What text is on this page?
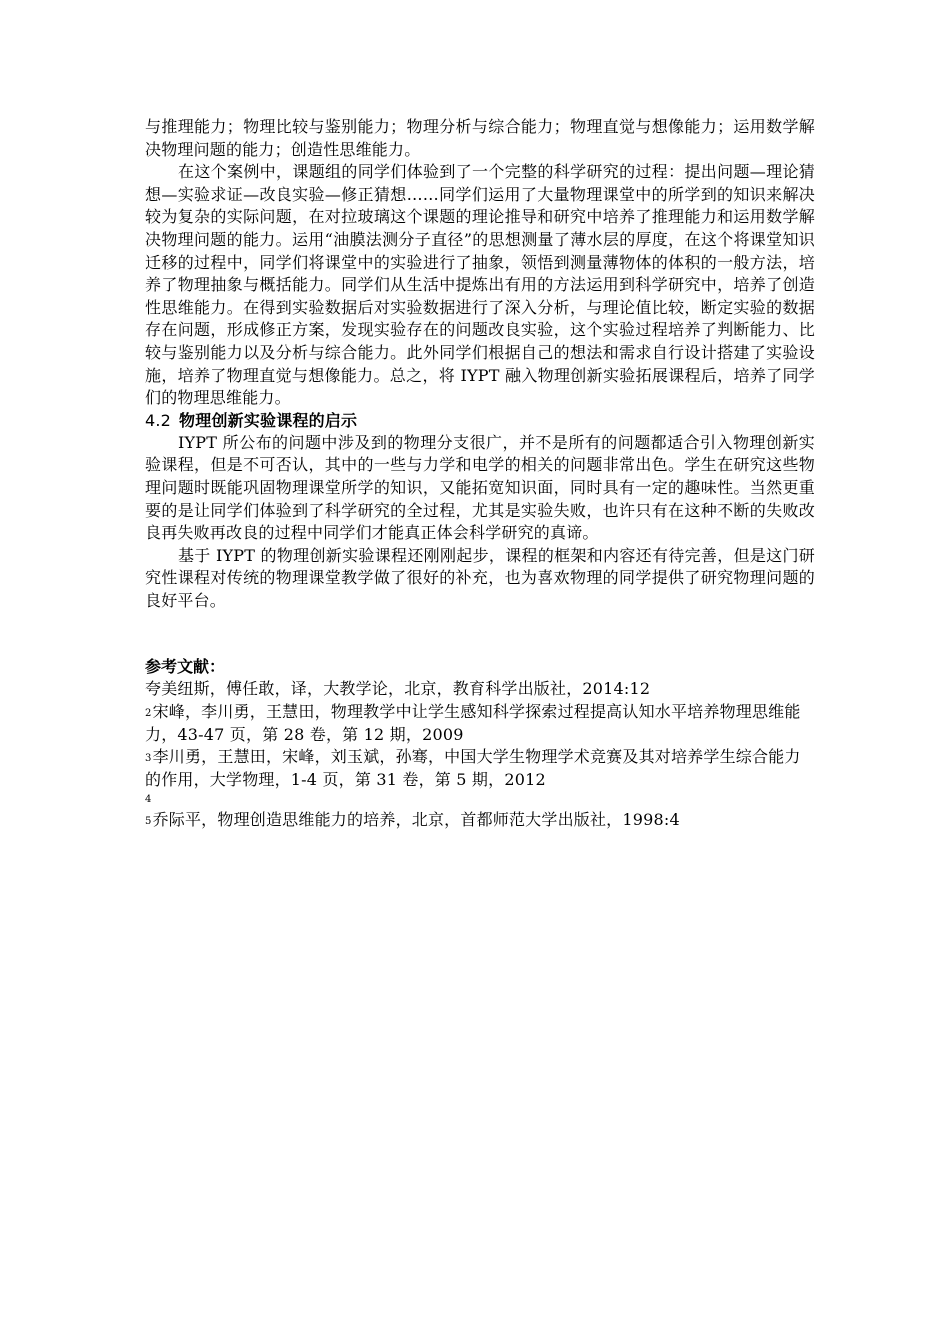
与推理能力；物理比较与鉴别能力；物理分析与综合能力；物理直觉与想像能力；运用数学解决物理问题的能力；创造性思维能力。

在这个案例中，课题组的同学们体验到了一个完整的科学研究的过程：提出问题—理论猜想—实验求证—改良实验—修正猜想……同学们运用了大量物理课堂中的所学到的知识来解决较为复杂的实际问题，在对拉玻璃这个课题的理论推导和研究中培养了推理能力和运用数学解决物理问题的能力。运用“油膜法测分子直径”的思想测量了薄水层的厚度，在这个将课堂知识迁移的过程中，同学们将课堂中的实验进行了抽象，领悟到测量薄物体的体积的一般方法，培养了物理抽象与概括能力。同学们从生活中提炼出有用的方法运用到科学研究中，培养了创造性思维能力。在得到实验数据后对实验数据进行了深入分析，与理论值比较，断定实验的数据存在问题，形成修正方案，发现实验存在的问题改良实验，这个实验过程培养了判断能力、比较与鉴别能力以及分析与综合能力。此外同学们根据自己的想法和需求自行设计搭建了实验设施，培养了物理直觉与想像能力。总之，将 IYPT 融入物理创新实验拓展课程后，培养了同学们的物理思维能力。

4.2 物理创新实验课程的启示

IYPT 所公布的问题中涉及到的物理分支很广，并不是所有的问题都适合引入物理创新实验课程，但是不可否认，其中的一些与力学和电学的相关的问题非常出色。学生在研究这些物理问题时既能巩固物理课堂所学的知识，又能拓宽知识面，同时具有一定的趣味性。当然更重要的是让同学们体验到了科学研究的全过程，尤其是实验失败，也许只有在这种不断的失败改良再失败再改良的过程中同学们才能真正体会科学研究的真谛。

基于 IYPT 的物理创新实验课程还刚刚起步，课程的框架和内容还有待完善，但是这门研究性课程对传统的物理课堂教学做了很好的补充，也为喜欢物理的同学提供了研究物理问题的良好平台。

参考文献：

夸美纽斯，傅任敢，译，大教学论，北京，教育科学出版社，2014:12

$^2$宋峰，李川勇，王慧田，物理教学中让学生感知科学探索过程提高认知水平培养物理思维能力，43-47 页，第 28 卷，第 12 期，2009

$^3$李川勇，王慧田，宋峰，刘玉斌，孙骞，中国大学生物理学术竞赛及其对培养学生综合能力的作用，大学物理，1-4 页，第 31 卷，第 5 期，2012

4

$^5$乔际平，物理创造思维能力的培养，北京，首都师范大学出版社，1998:4
